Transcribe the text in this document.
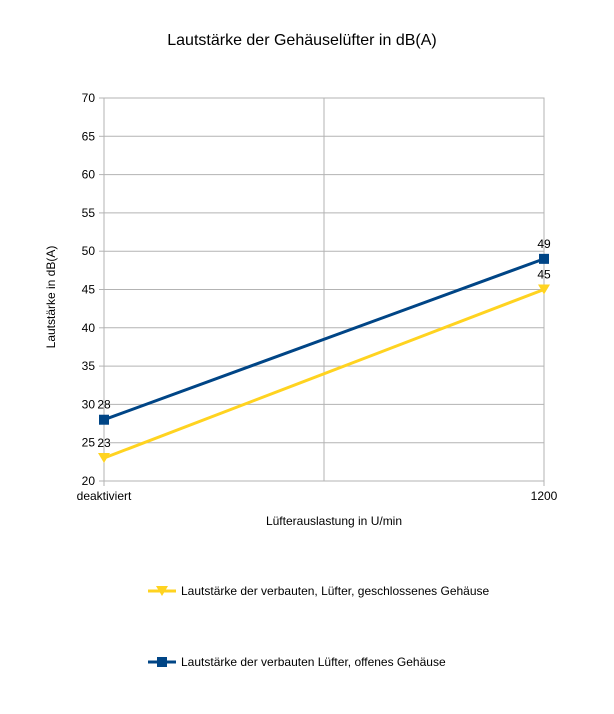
Lautstärke der Gehäuselüfter in dB(A)
20
25
30
35
40
45
50
55
60
65
70
deaktiviert	1200
Lüfterauslastung in U/min
Lautstärke in dB(A)
23
45
28
49
Lautstärke der verbauten, Lüfter, geschlossenes Gehäuse
Lautstärke der verbauten Lüfter, offenes Gehäuse
